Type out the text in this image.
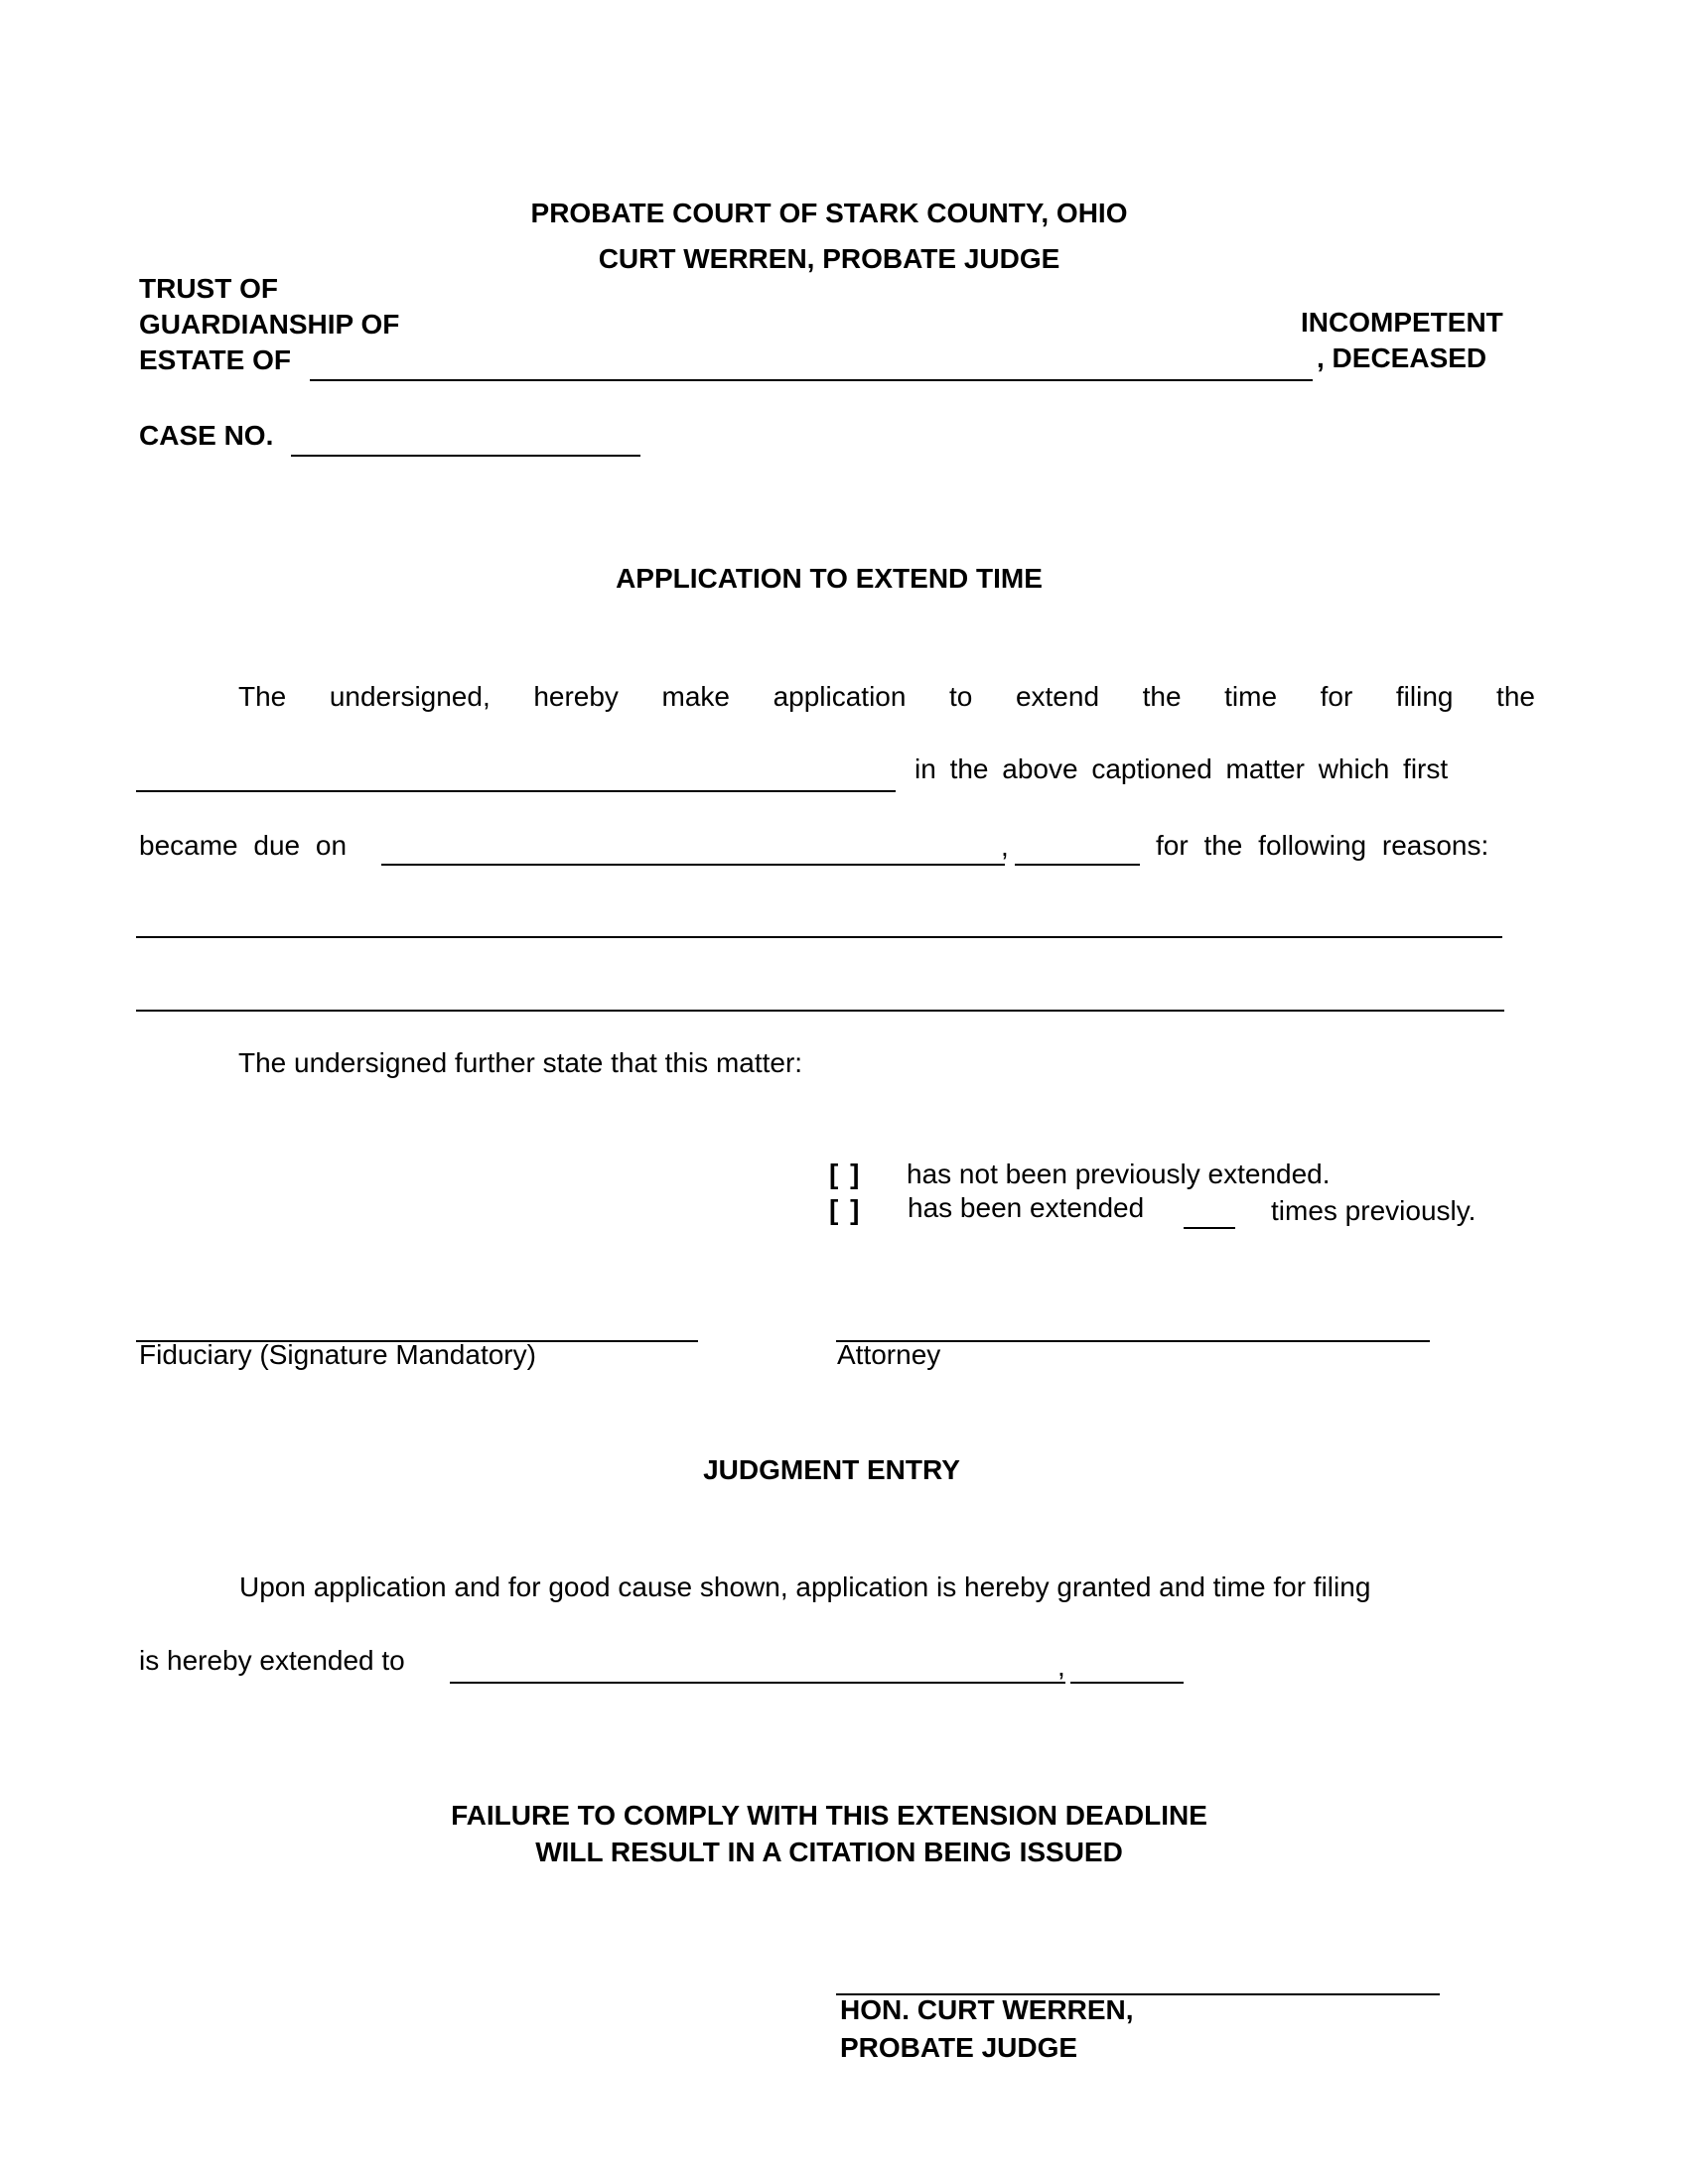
PROBATE COURT OF STARK COUNTY, OHIO
CURT WERREN, PROBATE JUDGE
TRUST OF
GUARDIANSHIP OF
ESTATE OF
INCOMPETENT
, DECEASED
CASE NO.
APPLICATION TO EXTEND TIME
The undersigned, hereby make application to extend the time for filing the
in the above captioned matter which first
became due on	,	for the following reasons:
The undersigned further state that this matter:
[ ] has not been previously extended.
[ ] has been extended	times previously.
Fiduciary (Signature Mandatory)	Attorney
JUDGMENT ENTRY
Upon application and for good cause shown, application is hereby granted and time for filing
is hereby extended to	,
FAILURE TO COMPLY WITH THIS EXTENSION DEADLINE
WILL RESULT IN A CITATION BEING ISSUED
HON. CURT WERREN,
PROBATE JUDGE
